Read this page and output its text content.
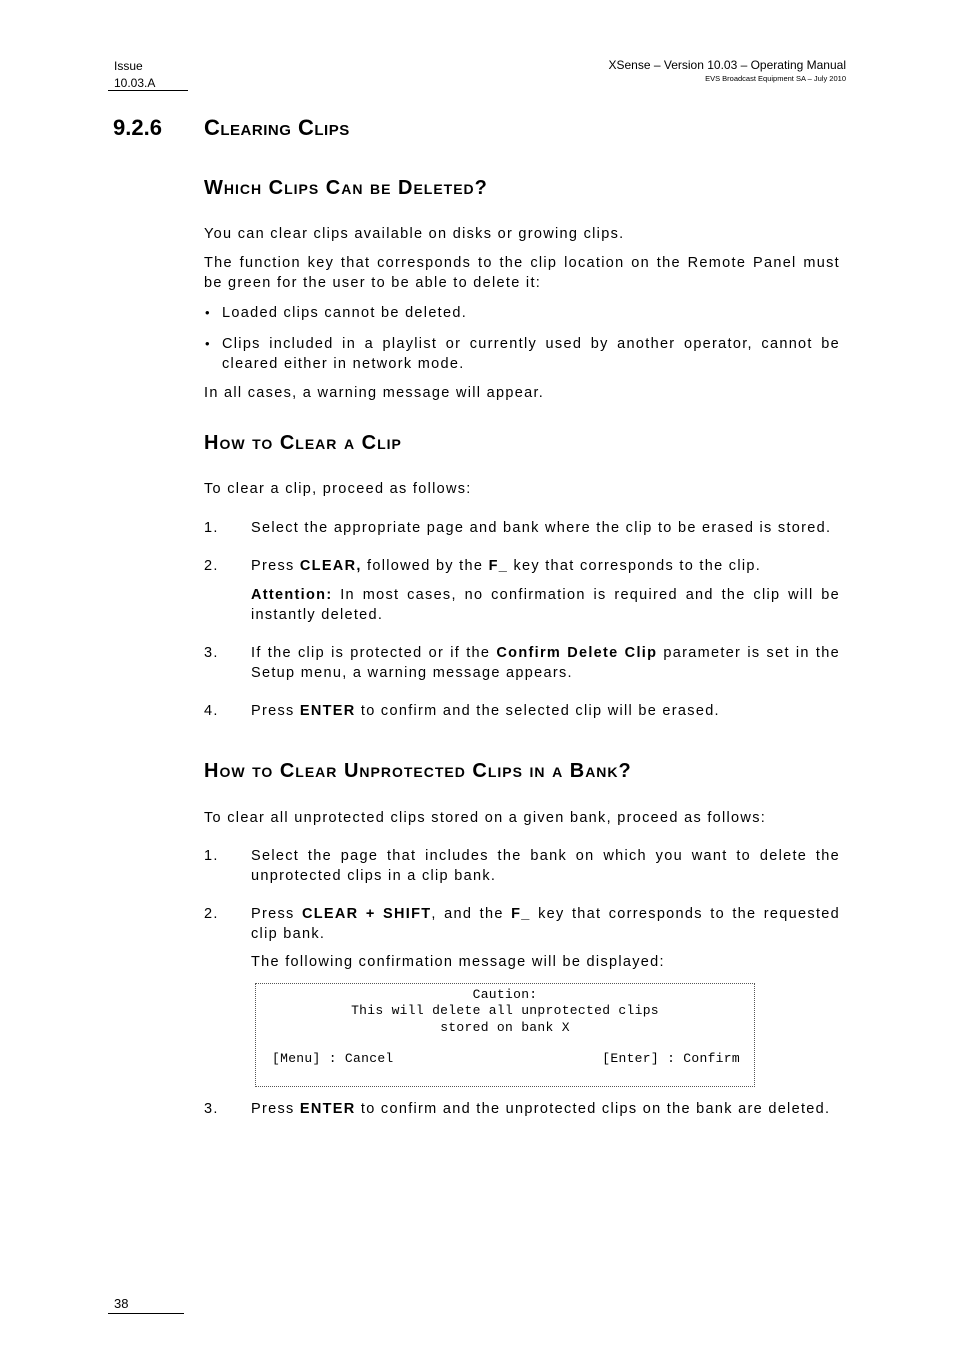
Issue
10.03.A
XSense – Version 10.03 – Operating Manual
EVS Broadcast Equipment SA – July 2010
9.2.6 Clearing Clips
Which Clips Can be Deleted?
You can clear clips available on disks or growing clips.
The function key that corresponds to the clip location on the Remote Panel must be green for the user to be able to delete it:
• Loaded clips cannot be deleted.
• Clips included in a playlist or currently used by another operator, cannot be cleared either in network mode.
In all cases, a warning message will appear.
How to Clear a Clip
To clear a clip, proceed as follows:
1. Select the appropriate page and bank where the clip to be erased is stored.
2. Press CLEAR, followed by the F_ key that corresponds to the clip.
Attention: In most cases, no confirmation is required and the clip will be instantly deleted.
3. If the clip is protected or if the Confirm Delete Clip parameter is set in the Setup menu, a warning message appears.
4. Press ENTER to confirm and the selected clip will be erased.
How to Clear Unprotected Clips in a Bank?
To clear all unprotected clips stored on a given bank, proceed as follows:
1. Select the page that includes the bank on which you want to delete the unprotected clips in a clip bank.
2. Press CLEAR + SHIFT, and the F_ key that corresponds to the requested clip bank.
The following confirmation message will be displayed:
Caution:
This will delete all unprotected clips
stored on bank X
[Menu] : Cancel	[Enter] : Confirm
3. Press ENTER to confirm and the unprotected clips on the bank are deleted.
38
